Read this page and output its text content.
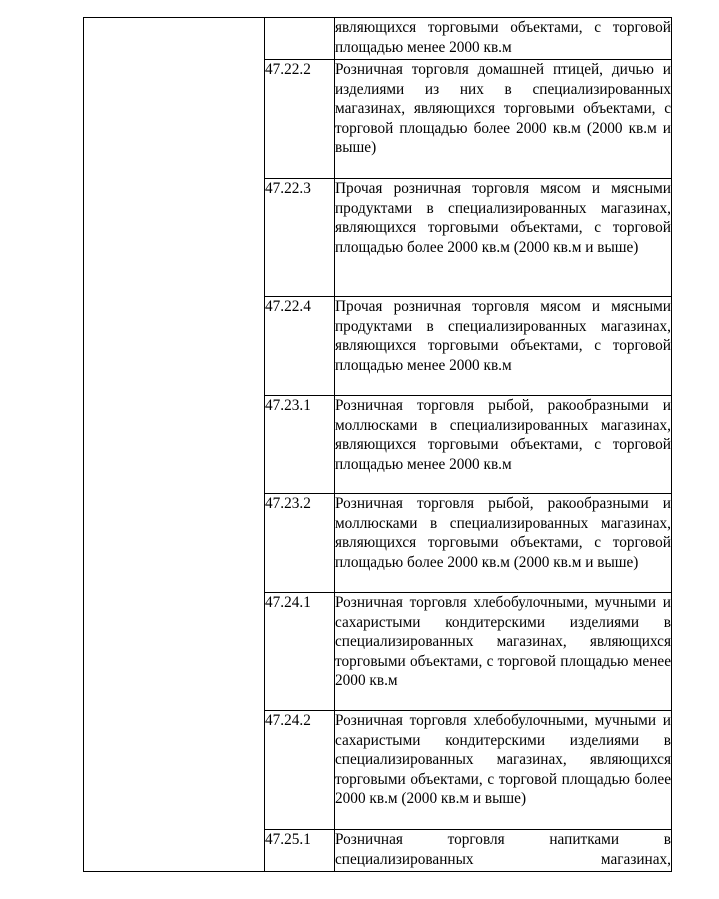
		являющихся торговыми объектами, с торговой площадью менее 2000 кв.м
	47.22.2	Розничная торговля домашней птицей, дичью и изделиями из них в специализированных магазинах, являющихся торговыми объектами, с торговой площадью более 2000 кв.м (2000 кв.м и выше)
	47.22.3	Прочая розничная торговля мясом и мясными продуктами в специализированных магазинах, являющихся торговыми объектами, с торговой площадью более 2000 кв.м (2000 кв.м и выше)
	47.22.4	Прочая розничная торговля мясом и мясными продуктами в специализированных магазинах, являющихся торговыми объектами, с торговой площадью менее 2000 кв.м
	47.23.1	Розничная торговля рыбой, ракообразными и моллюсками в специализированных магазинах, являющихся торговыми объектами, с торговой площадью менее 2000 кв.м
	47.23.2	Розничная торговля рыбой, ракообразными и моллюсками в специализированных магазинах, являющихся торговыми объектами, с торговой площадью более 2000 кв.м (2000 кв.м и выше)
	47.24.1	Розничная торговля хлебобулочными, мучными и сахаристыми кондитерскими изделиями в специализированных магазинах, являющихся торговыми объектами, с торговой площадью менее 2000 кв.м
	47.24.2	Розничная торговля хлебобулочными, мучными и сахаристыми кондитерскими изделиями в специализированных магазинах, являющихся торговыми объектами, с торговой площадью более 2000 кв.м (2000 кв.м и выше)
	47.25.1	Розничная торговля напитками в специализированных магазинах,
